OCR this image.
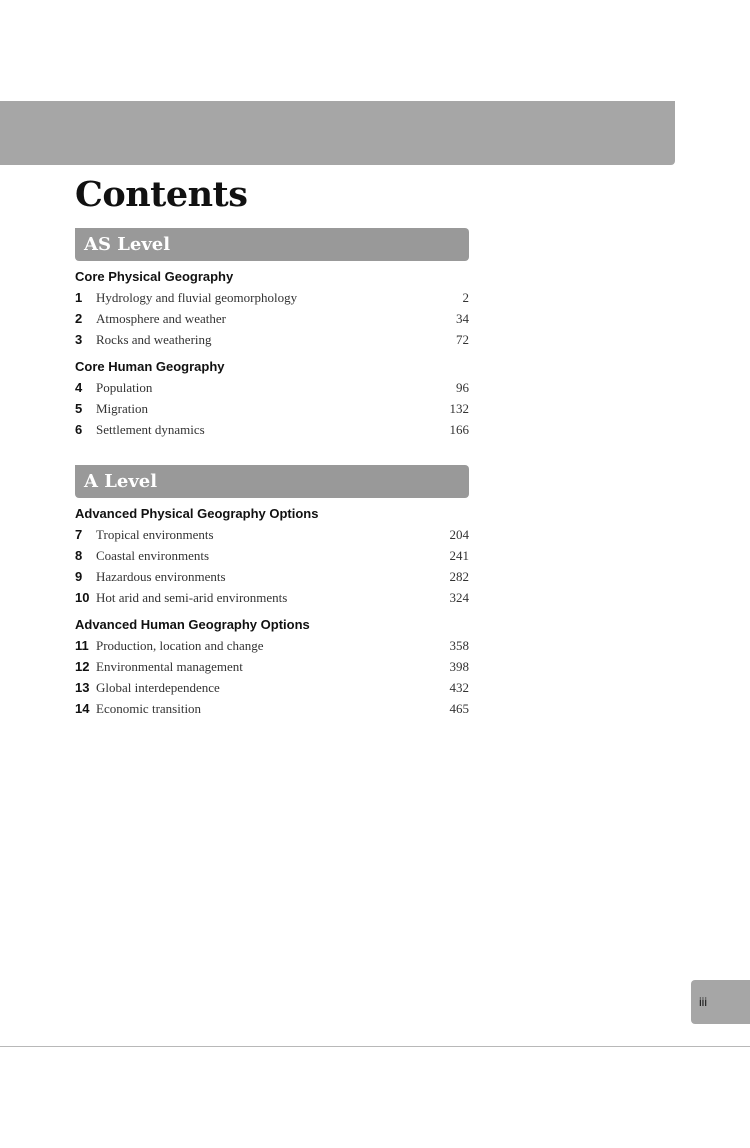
Contents
AS Level
Core Physical Geography
1	Hydrology and fluvial geomorphology	2
2	Atmosphere and weather	34
3	Rocks and weathering	72
Core Human Geography
4	Population	96
5	Migration	132
6	Settlement dynamics	166
A Level
Advanced Physical Geography Options
7	Tropical environments	204
8	Coastal environments	241
9	Hazardous environments	282
10 Hot arid and semi-arid environments	324
Advanced Human Geography Options
11 Production, location and change	358
12 Environmental management	398
13 Global interdependence	432
14 Economic transition	465
iii
